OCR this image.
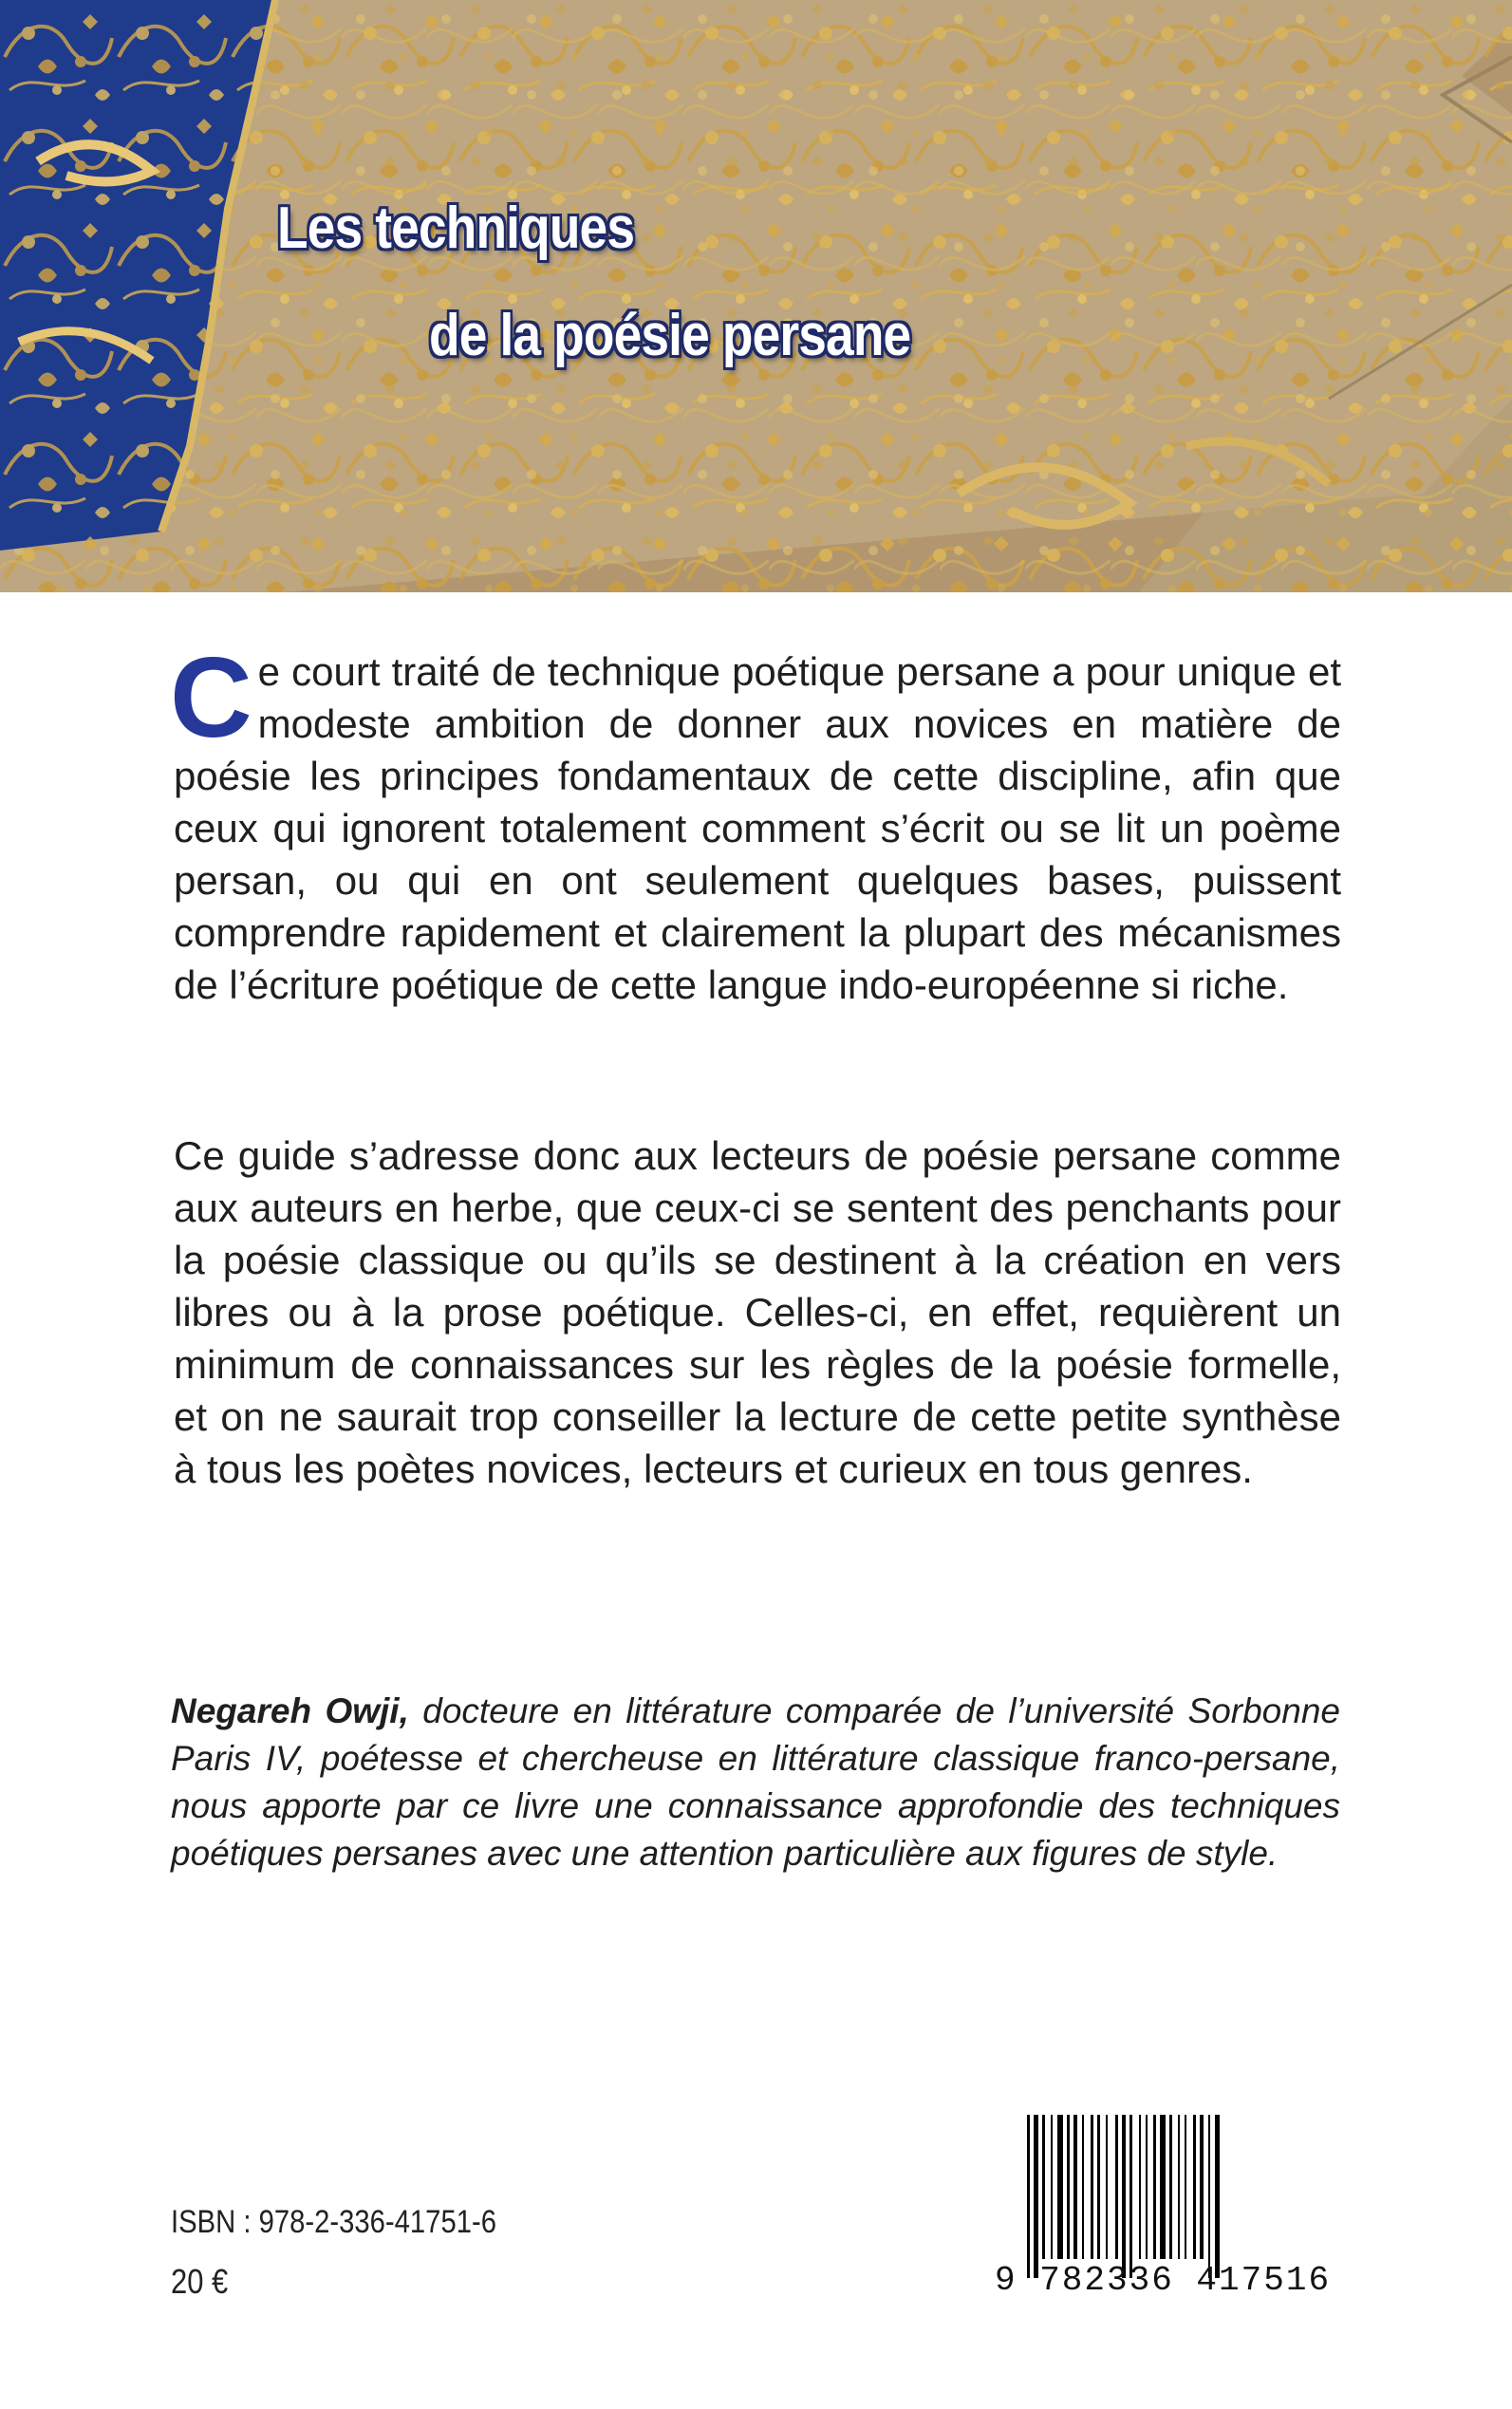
Les techniques
de la poésie persane
Ce court traité de technique poétique persane a pour unique et modeste ambition de donner aux novices en matière de poésie les principes fondamentaux de cette discipline, afin que ceux qui ignorent totalement comment s’écrit ou se lit un poème persan, ou qui en ont seulement quelques bases, puissent comprendre rapidement et clairement la plupart des mécanismes de l’écriture poétique de cette langue indo-européenne si riche.
Ce guide s’adresse donc aux lecteurs de poésie persane comme aux auteurs en herbe, que ceux-ci se sentent des penchants pour la poésie classique ou qu’ils se destinent à la création en vers libres ou à la prose poétique. Celles-ci, en effet, requièrent un minimum de connaissances sur les règles de la poésie formelle, et on ne saurait trop conseiller la lecture de cette petite synthèse à tous les poètes novices, lecteurs et curieux en tous genres.
Negareh Owji, docteure en littérature comparée de l’université Sorbonne Paris IV, poétesse et chercheuse en littérature classique franco-persane, nous apporte par ce livre une connaissance approfondie des techniques poétiques persanes avec une attention particulière aux figures de style.
ISBN : 978-2-336-41751-6
20 €	9 782336 417516
